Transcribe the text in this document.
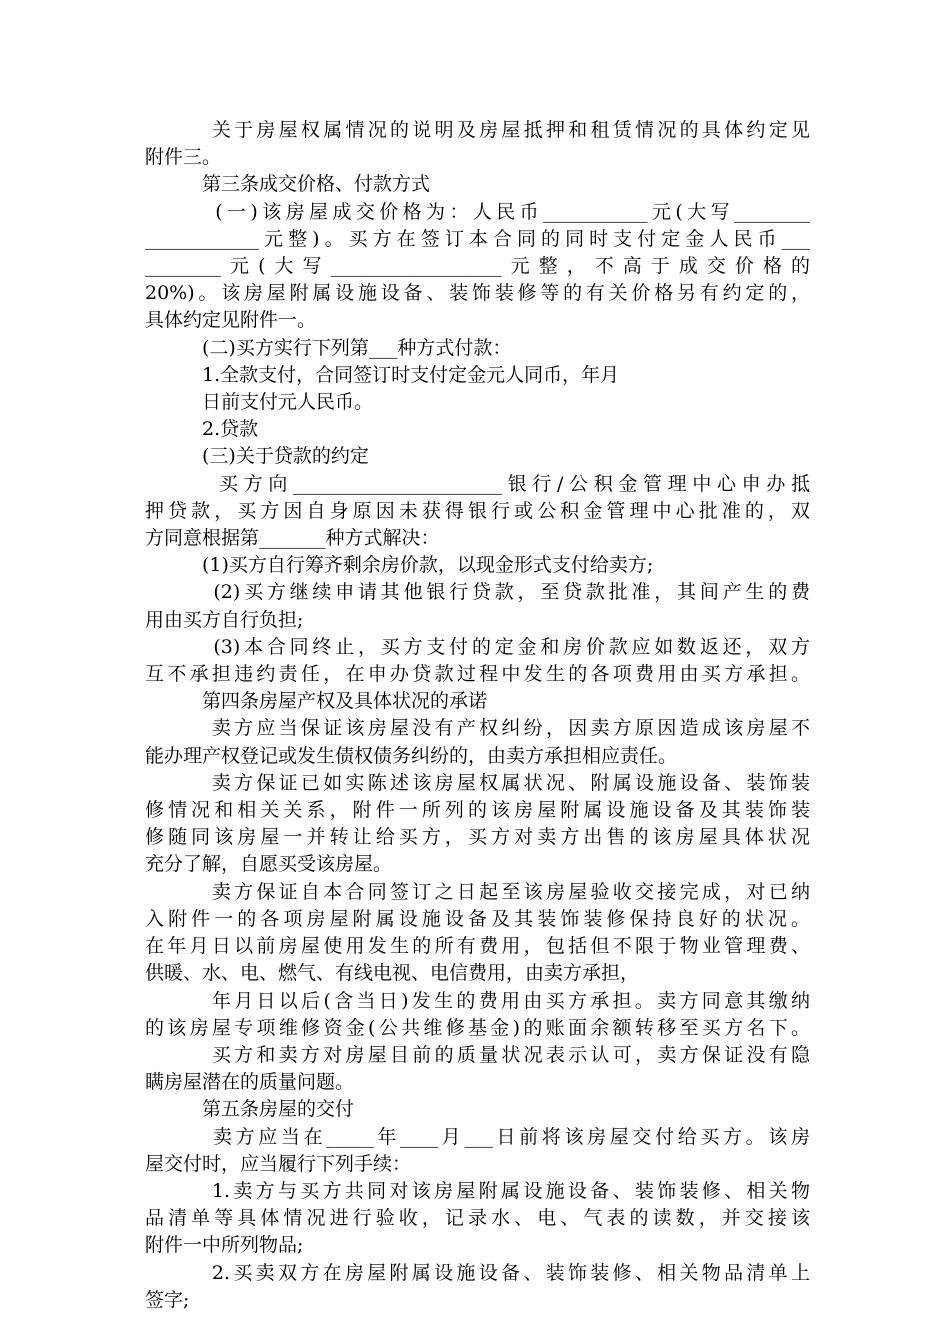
　　　关于房屋权属情况的说明及房屋抵押和租赁情况的具体约定见
附件三。
　　　第三条成交价格、付款方式
　　　(一)该房屋成交价格为：人民币___________元(大写________
____________元整)。买方在签订本合同的同时支付定金人民币___
________元(大写__________________元整，不高于成交价格的
20%)。该房屋附属设施设备、装饰装修等的有关价格另有约定的，
具体约定见附件一。
　　　(二)买方实行下列第___种方式付款：
　　　1.全款支付，合同签订时支付定金元人同币，年月
　　　日前支付元人民币。
　　　2.贷款
　　　(三)关于贷款的约定
　　　买方向______________________银行/公积金管理中心申办抵
押贷款，买方因自身原因未获得银行或公积金管理中心批准的，双
方同意根据第_______种方式解决：
　　　(1)买方自行筹齐剩余房价款，以现金形式支付给卖方;
　　　(2)买方继续申请其他银行贷款，至贷款批准，其间产生的费
用由买方自行负担;
　　　(3)本合同终止，买方支付的定金和房价款应如数返还，双方
互不承担违约责任，在申办贷款过程中发生的各项费用由买方承担。
　　　第四条房屋产权及具体状况的承诺
　　　卖方应当保证该房屋没有产权纠纷，因卖方原因造成该房屋不
能办理产权登记或发生债权债务纠纷的，由卖方承担相应责任。
　　　卖方保证已如实陈述该房屋权属状况、附属设施设备、装饰装
修情况和相关关系，附件一所列的该房屋附属设施设备及其装饰装
修随同该房屋一并转让给买方，买方对卖方出售的该房屋具体状况
充分了解，自愿买受该房屋。
　　　卖方保证自本合同签订之日起至该房屋验收交接完成，对已纳
入附件一的各项房屋附属设施设备及其装饰装修保持良好的状况。
在年月日以前房屋使用发生的所有费用，包括但不限于物业管理费、
供暖、水、电、燃气、有线电视、电信费用，由卖方承担，
　　　年月日以后(含当日)发生的费用由买方承担。卖方同意其缴纳
的该房屋专项维修资金(公共维修基金)的账面余额转移至买方名下。
　　　买方和卖方对房屋目前的质量状况表示认可，卖方保证没有隐
瞒房屋潜在的质量问题。
　　　第五条房屋的交付
　　　卖方应当在_____年____月___日前将该房屋交付给买方。该房
屋交付时，应当履行下列手续：
　　　1.卖方与买方共同对该房屋附属设施设备、装饰装修、相关物
品清单等具体情况进行验收，记录水、电、气表的读数，并交接该
附件一中所列物品;
　　　2.买卖双方在房屋附属设施设备、装饰装修、相关物品清单上
签字;
